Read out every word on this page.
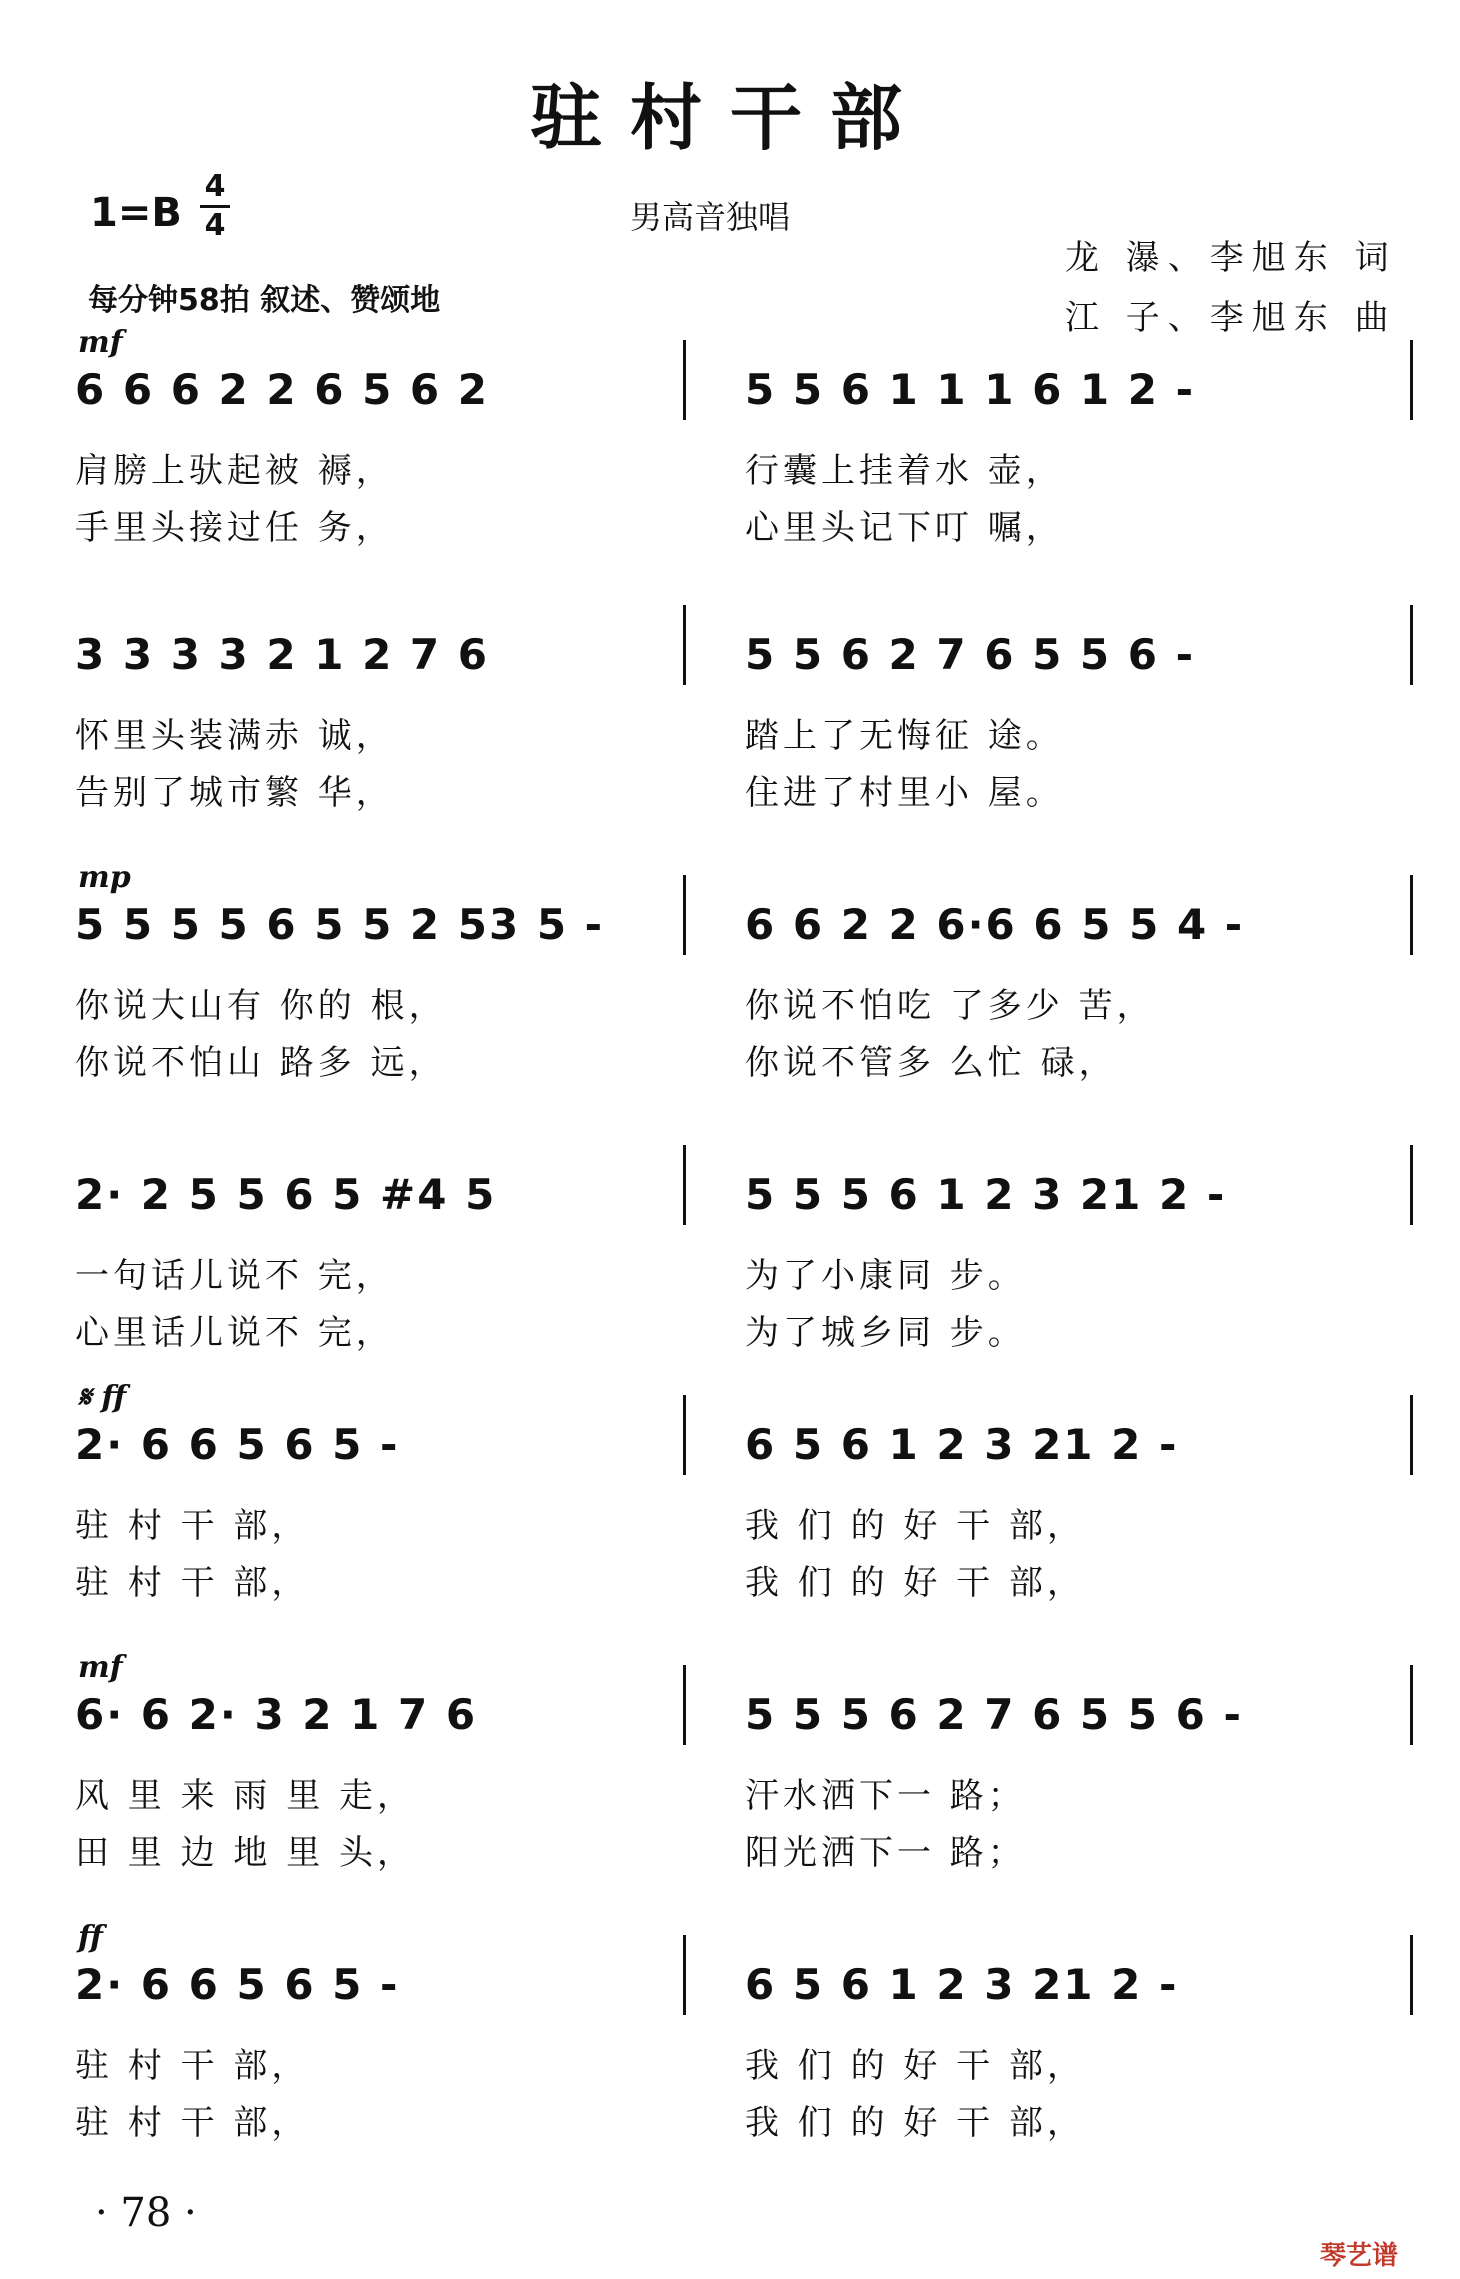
驻村干部
1=B
4
4	男高音独唱
每分钟58拍 叙述、赞颂地
龙 瀑、李旭东 词
江 子、李旭东 曲
mf
6 6 6 2 2 6 5 6 2
肩膀上驮起被 褥，
手里头接过任 务，
5 5 6 1 1 1 6 1 2 -
行囊上挂着水 壶，
心里头记下叮 嘱，
3 3 3 3 2 1 2 7 6
怀里头装满赤 诚，
告别了城市繁 华，
5 5 6 2 7 6 5 5 6 -
踏上了无悔征 途。
住进了村里小 屋。
mp
5 5 5 5 6 5 5 2 53 5 -
你说大山有 你的 根，
你说不怕山 路多 远，
6 6 2 2 6·6 6 5 5 4 -
你说不怕吃 了多少 苦，
你说不管多 么忙 碌，
2· 2 5 5 6 5 #4 5
一句话儿说不 完，
心里话儿说不 完，
5 5 5 6 1 2 3 21 2 -
为了小康同 步。
为了城乡同 步。
𝄋 ff
2· 6 6 5 6 5 -
驻 村 干 部，
驻 村 干 部，
6 5 6 1 2 3 21 2 -
我 们 的 好 干 部，
我 们 的 好 干 部，
mf
6· 6 2· 3 2 1 7 6
风 里 来 雨 里 走，
田 里 边 地 里 头，
5 5 5 6 2 7 6 5 5 6 -
汗水洒下一 路；
阳光洒下一 路；
ff
2· 6 6 5 6 5 -
驻 村 干 部，
驻 村 干 部，
6 5 6 1 2 3 21 2 -
我 们 的 好 干 部，
我 们 的 好 干 部，
· 78 ·
琴艺谱
